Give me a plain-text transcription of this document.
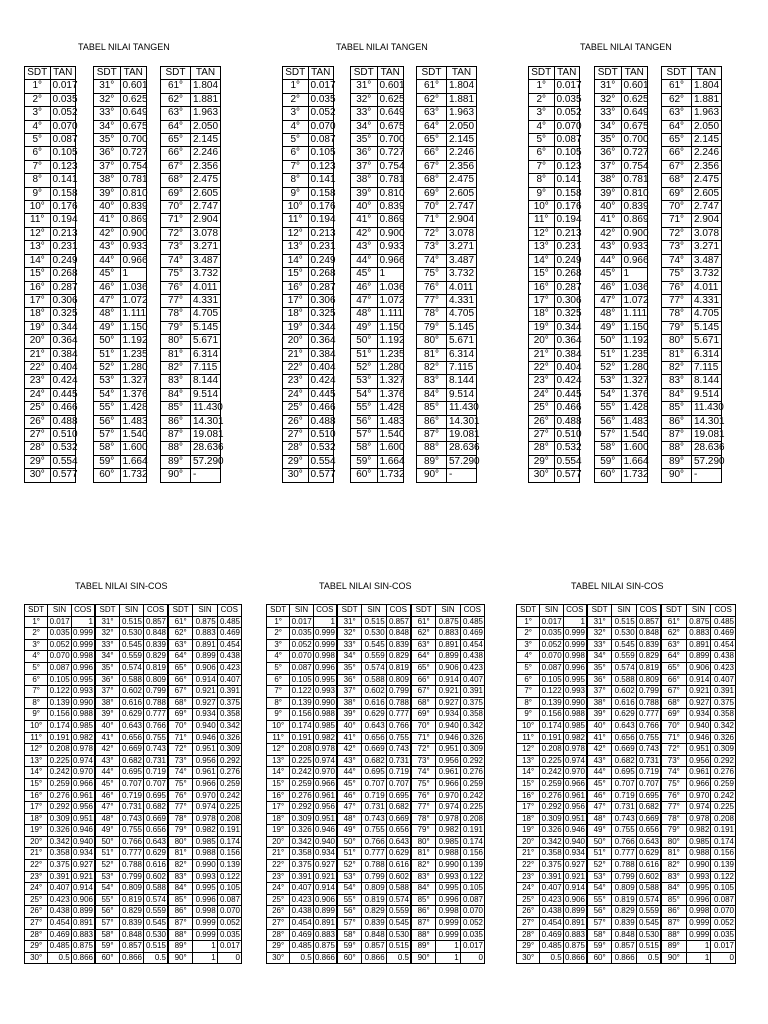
TABEL NILAI TANGEN
SDT	TAN
1°	0.017
2°	0.035
3°	0.052
4°	0.070
5°	0.087
6°	0.105
7°	0.123
8°	0.141
9°	0.158
10°	0.176
11°	0.194
12°	0.213
13°	0.231
14°	0.249
15°	0.268
16°	0.287
17°	0.306
18°	0.325
19°	0.344
20°	0.364
21°	0.384
22°	0.404
23°	0.424
24°	0.445
25°	0.466
26°	0.488
27°	0.510
28°	0.532
29°	0.554
30°	0.577
SDT	TAN
31°	0.601
32°	0.625
33°	0.649
34°	0.675
35°	0.700
36°	0.727
37°	0.754
38°	0.781
39°	0.810
40°	0.839
41°	0.869
42°	0.900
43°	0.933
44°	0.966
45°	1
46°	1.036
47°	1.072
48°	1.111
49°	1.150
50°	1.192
51°	1.235
52°	1.280
53°	1.327
54°	1.376
55°	1.428
56°	1.483
57°	1.540
58°	1.600
59°	1.664
60°	1.732
SDT	TAN
61°	1.804
62°	1.881
63°	1.963
64°	2.050
65°	2.145
66°	2.246
67°	2.356
68°	2.475
69°	2.605
70°	2.747
71°	2.904
72°	3.078
73°	3.271
74°	3.487
75°	3.732
76°	4.011
77°	4.331
78°	4.705
79°	5.145
80°	5.671
81°	6.314
82°	7.115
83°	8.144
84°	9.514
85°	11.430
86°	14.301
87°	19.081
88°	28.636
89°	57.290
90°	-
TABEL NILAI TANGEN
SDT	TAN
1°	0.017
2°	0.035
3°	0.052
4°	0.070
5°	0.087
6°	0.105
7°	0.123
8°	0.141
9°	0.158
10°	0.176
11°	0.194
12°	0.213
13°	0.231
14°	0.249
15°	0.268
16°	0.287
17°	0.306
18°	0.325
19°	0.344
20°	0.364
21°	0.384
22°	0.404
23°	0.424
24°	0.445
25°	0.466
26°	0.488
27°	0.510
28°	0.532
29°	0.554
30°	0.577
SDT	TAN
31°	0.601
32°	0.625
33°	0.649
34°	0.675
35°	0.700
36°	0.727
37°	0.754
38°	0.781
39°	0.810
40°	0.839
41°	0.869
42°	0.900
43°	0.933
44°	0.966
45°	1
46°	1.036
47°	1.072
48°	1.111
49°	1.150
50°	1.192
51°	1.235
52°	1.280
53°	1.327
54°	1.376
55°	1.428
56°	1.483
57°	1.540
58°	1.600
59°	1.664
60°	1.732
SDT	TAN
61°	1.804
62°	1.881
63°	1.963
64°	2.050
65°	2.145
66°	2.246
67°	2.356
68°	2.475
69°	2.605
70°	2.747
71°	2.904
72°	3.078
73°	3.271
74°	3.487
75°	3.732
76°	4.011
77°	4.331
78°	4.705
79°	5.145
80°	5.671
81°	6.314
82°	7.115
83°	8.144
84°	9.514
85°	11.430
86°	14.301
87°	19.081
88°	28.636
89°	57.290
90°	-
TABEL NILAI TANGEN
SDT	TAN
1°	0.017
2°	0.035
3°	0.052
4°	0.070
5°	0.087
6°	0.105
7°	0.123
8°	0.141
9°	0.158
10°	0.176
11°	0.194
12°	0.213
13°	0.231
14°	0.249
15°	0.268
16°	0.287
17°	0.306
18°	0.325
19°	0.344
20°	0.364
21°	0.384
22°	0.404
23°	0.424
24°	0.445
25°	0.466
26°	0.488
27°	0.510
28°	0.532
29°	0.554
30°	0.577
SDT	TAN
31°	0.601
32°	0.625
33°	0.649
34°	0.675
35°	0.700
36°	0.727
37°	0.754
38°	0.781
39°	0.810
40°	0.839
41°	0.869
42°	0.900
43°	0.933
44°	0.966
45°	1
46°	1.036
47°	1.072
48°	1.111
49°	1.150
50°	1.192
51°	1.235
52°	1.280
53°	1.327
54°	1.376
55°	1.428
56°	1.483
57°	1.540
58°	1.600
59°	1.664
60°	1.732
SDT	TAN
61°	1.804
62°	1.881
63°	1.963
64°	2.050
65°	2.145
66°	2.246
67°	2.356
68°	2.475
69°	2.605
70°	2.747
71°	2.904
72°	3.078
73°	3.271
74°	3.487
75°	3.732
76°	4.011
77°	4.331
78°	4.705
79°	5.145
80°	5.671
81°	6.314
82°	7.115
83°	8.144
84°	9.514
85°	11.430
86°	14.301
87°	19.081
88°	28.636
89°	57.290
90°	-
TABEL NILAI SIN-COS
SDT	SIN	COS
1°	0.017	1
2°	0.035	0.999
3°	0.052	0.999
4°	0.070	0.998
5°	0.087	0.996
6°	0.105	0.995
7°	0.122	0.993
8°	0.139	0.990
9°	0.156	0.988
10°	0.174	0.985
11°	0.191	0.982
12°	0.208	0.978
13°	0.225	0.974
14°	0.242	0.970
15°	0.259	0.966
16°	0.276	0.961
17°	0.292	0.956
18°	0.309	0.951
19°	0.326	0.946
20°	0.342	0.940
21°	0.358	0.934
22°	0.375	0.927
23°	0.391	0.921
24°	0.407	0.914
25°	0.423	0.906
26°	0.438	0.899
27°	0.454	0.891
28°	0.469	0.883
29°	0.485	0.875
30°	0.5	0.866
SDT	SIN	COS
31°	0.515	0.857
32°	0.530	0.848
33°	0.545	0.839
34°	0.559	0.829
35°	0.574	0.819
36°	0.588	0.809
37°	0.602	0.799
38°	0.616	0.788
39°	0.629	0.777
40°	0.643	0.766
41°	0.656	0.755
42°	0.669	0.743
43°	0.682	0.731
44°	0.695	0.719
45°	0.707	0.707
46°	0.719	0.695
47°	0.731	0.682
48°	0.743	0.669
49°	0.755	0.656
50°	0.766	0.643
51°	0.777	0.629
52°	0.788	0.616
53°	0.799	0.602
54°	0.809	0.588
55°	0.819	0.574
56°	0.829	0.559
57°	0.839	0.545
58°	0.848	0.530
59°	0.857	0.515
60°	0.866	0.5
SDT	SIN	COS
61°	0.875	0.485
62°	0.883	0.469
63°	0.891	0.454
64°	0.899	0.438
65°	0.906	0.423
66°	0.914	0.407
67°	0.921	0.391
68°	0.927	0.375
69°	0.934	0.358
70°	0.940	0.342
71°	0.946	0.326
72°	0.951	0.309
73°	0.956	0.292
74°	0.961	0.276
75°	0.966	0.259
76°	0.970	0.242
77°	0.974	0.225
78°	0.978	0.208
79°	0.982	0.191
80°	0.985	0.174
81°	0.988	0.156
82°	0.990	0.139
83°	0.993	0.122
84°	0.995	0.105
85°	0.996	0.087
86°	0.998	0.070
87°	0.999	0.052
88°	0.999	0.035
89°	1	0.017
90°	1	0
TABEL NILAI SIN-COS
SDT	SIN	COS
1°	0.017	1
2°	0.035	0.999
3°	0.052	0.999
4°	0.070	0.998
5°	0.087	0.996
6°	0.105	0.995
7°	0.122	0.993
8°	0.139	0.990
9°	0.156	0.988
10°	0.174	0.985
11°	0.191	0.982
12°	0.208	0.978
13°	0.225	0.974
14°	0.242	0.970
15°	0.259	0.966
16°	0.276	0.961
17°	0.292	0.956
18°	0.309	0.951
19°	0.326	0.946
20°	0.342	0.940
21°	0.358	0.934
22°	0.375	0.927
23°	0.391	0.921
24°	0.407	0.914
25°	0.423	0.906
26°	0.438	0.899
27°	0.454	0.891
28°	0.469	0.883
29°	0.485	0.875
30°	0.5	0.866
SDT	SIN	COS
31°	0.515	0.857
32°	0.530	0.848
33°	0.545	0.839
34°	0.559	0.829
35°	0.574	0.819
36°	0.588	0.809
37°	0.602	0.799
38°	0.616	0.788
39°	0.629	0.777
40°	0.643	0.766
41°	0.656	0.755
42°	0.669	0.743
43°	0.682	0.731
44°	0.695	0.719
45°	0.707	0.707
46°	0.719	0.695
47°	0.731	0.682
48°	0.743	0.669
49°	0.755	0.656
50°	0.766	0.643
51°	0.777	0.629
52°	0.788	0.616
53°	0.799	0.602
54°	0.809	0.588
55°	0.819	0.574
56°	0.829	0.559
57°	0.839	0.545
58°	0.848	0.530
59°	0.857	0.515
60°	0.866	0.5
SDT	SIN	COS
61°	0.875	0.485
62°	0.883	0.469
63°	0.891	0.454
64°	0.899	0.438
65°	0.906	0.423
66°	0.914	0.407
67°	0.921	0.391
68°	0.927	0.375
69°	0.934	0.358
70°	0.940	0.342
71°	0.946	0.326
72°	0.951	0.309
73°	0.956	0.292
74°	0.961	0.276
75°	0.966	0.259
76°	0.970	0.242
77°	0.974	0.225
78°	0.978	0.208
79°	0.982	0.191
80°	0.985	0.174
81°	0.988	0.156
82°	0.990	0.139
83°	0.993	0.122
84°	0.995	0.105
85°	0.996	0.087
86°	0.998	0.070
87°	0.999	0.052
88°	0.999	0.035
89°	1	0.017
90°	1	0
TABEL NILAI SIN-COS
SDT	SIN	COS
1°	0.017	1
2°	0.035	0.999
3°	0.052	0.999
4°	0.070	0.998
5°	0.087	0.996
6°	0.105	0.995
7°	0.122	0.993
8°	0.139	0.990
9°	0.156	0.988
10°	0.174	0.985
11°	0.191	0.982
12°	0.208	0.978
13°	0.225	0.974
14°	0.242	0.970
15°	0.259	0.966
16°	0.276	0.961
17°	0.292	0.956
18°	0.309	0.951
19°	0.326	0.946
20°	0.342	0.940
21°	0.358	0.934
22°	0.375	0.927
23°	0.391	0.921
24°	0.407	0.914
25°	0.423	0.906
26°	0.438	0.899
27°	0.454	0.891
28°	0.469	0.883
29°	0.485	0.875
30°	0.5	0.866
SDT	SIN	COS
31°	0.515	0.857
32°	0.530	0.848
33°	0.545	0.839
34°	0.559	0.829
35°	0.574	0.819
36°	0.588	0.809
37°	0.602	0.799
38°	0.616	0.788
39°	0.629	0.777
40°	0.643	0.766
41°	0.656	0.755
42°	0.669	0.743
43°	0.682	0.731
44°	0.695	0.719
45°	0.707	0.707
46°	0.719	0.695
47°	0.731	0.682
48°	0.743	0.669
49°	0.755	0.656
50°	0.766	0.643
51°	0.777	0.629
52°	0.788	0.616
53°	0.799	0.602
54°	0.809	0.588
55°	0.819	0.574
56°	0.829	0.559
57°	0.839	0.545
58°	0.848	0.530
59°	0.857	0.515
60°	0.866	0.5
SDT	SIN	COS
61°	0.875	0.485
62°	0.883	0.469
63°	0.891	0.454
64°	0.899	0.438
65°	0.906	0.423
66°	0.914	0.407
67°	0.921	0.391
68°	0.927	0.375
69°	0.934	0.358
70°	0.940	0.342
71°	0.946	0.326
72°	0.951	0.309
73°	0.956	0.292
74°	0.961	0.276
75°	0.966	0.259
76°	0.970	0.242
77°	0.974	0.225
78°	0.978	0.208
79°	0.982	0.191
80°	0.985	0.174
81°	0.988	0.156
82°	0.990	0.139
83°	0.993	0.122
84°	0.995	0.105
85°	0.996	0.087
86°	0.998	0.070
87°	0.999	0.052
88°	0.999	0.035
89°	1	0.017
90°	1	0
